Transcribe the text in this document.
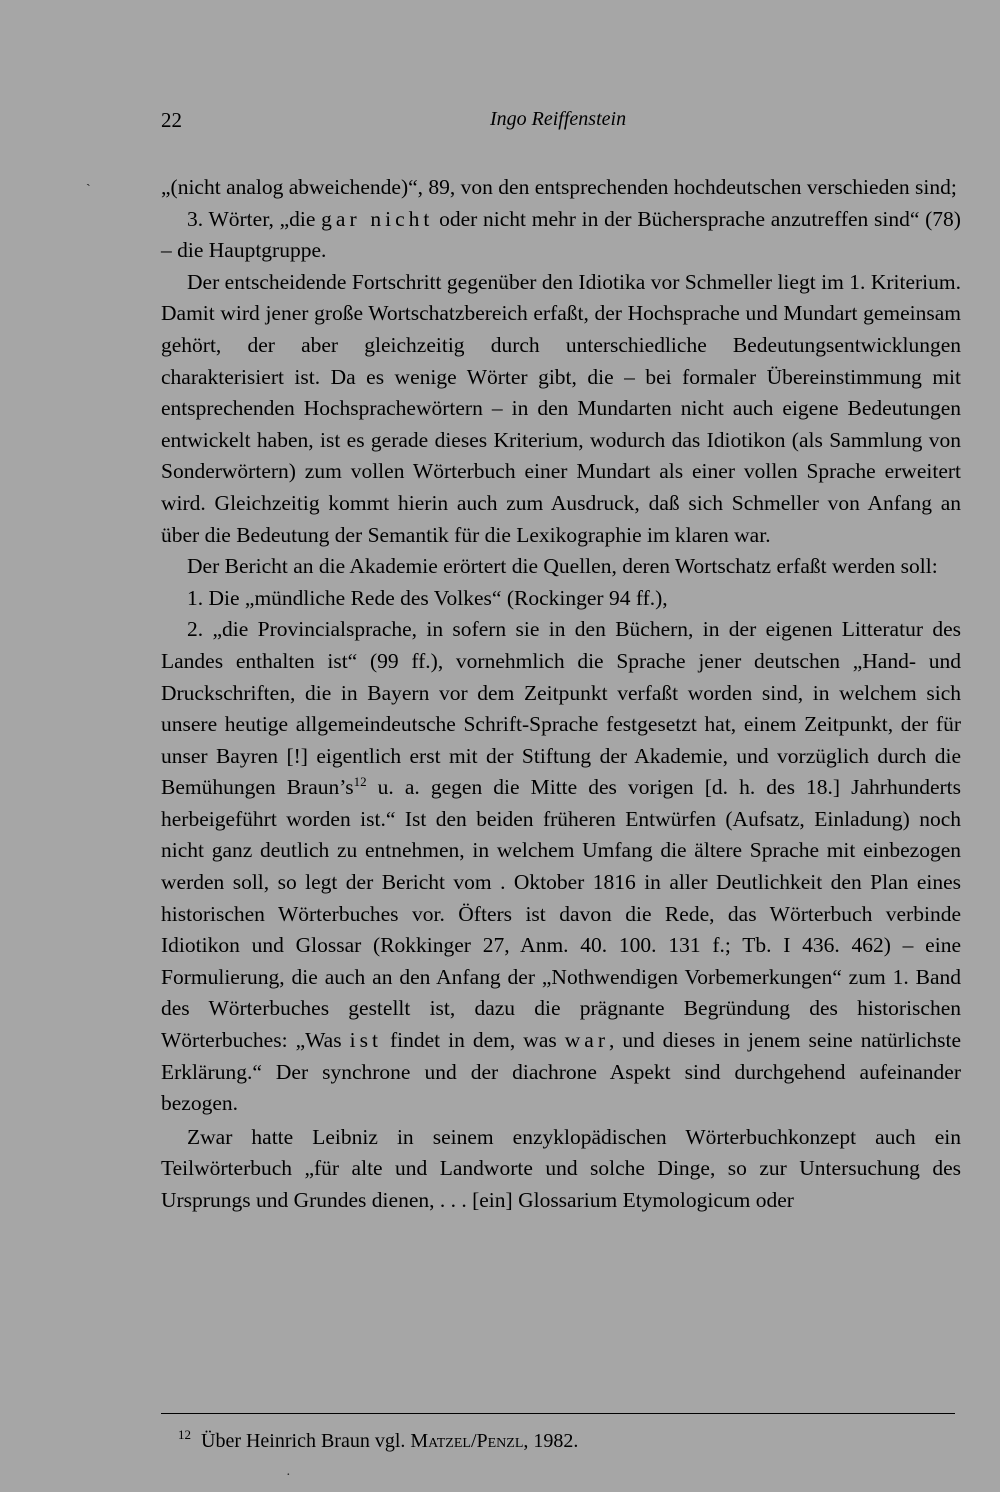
22	Ingo Reiffenstein

„(nicht analog abweichende)“, 89, von den entsprechenden hochdeutschen verschieden sind;

3. Wörter, „die gar nicht oder nicht mehr in der Büchersprache anzutreffen sind“ (78) – die Hauptgruppe.

Der entscheidende Fortschritt gegenüber den Idiotika vor Schmeller liegt im 1. Kriterium. Damit wird jener große Wortschatzbereich erfaßt, der Hochsprache und Mundart gemeinsam gehört, der aber gleichzeitig durch unterschiedliche Bedeutungsentwicklungen charakterisiert ist. Da es wenige Wörter gibt, die – bei formaler Übereinstimmung mit entsprechenden Hochsprachewörtern – in den Mundarten nicht auch eigene Bedeutungen entwickelt haben, ist es gerade dieses Kriterium, wodurch das Idiotikon (als Sammlung von Sonderwörtern) zum vollen Wörterbuch einer Mundart als einer vollen Sprache erweitert wird. Gleichzeitig kommt hierin auch zum Ausdruck, daß sich Schmeller von Anfang an über die Bedeutung der Semantik für die Lexikographie im klaren war.

Der Bericht an die Akademie erörtert die Quellen, deren Wortschatz erfaßt werden soll:

1. Die „mündliche Rede des Volkes“ (Rockinger 94 ff.),

2. „die Provincialsprache, in sofern sie in den Büchern, in der eigenen Litteratur des Landes enthalten ist“ (99 ff.), vornehmlich die Sprache jener deutschen „Hand- und Druckschriften, die in Bayern vor dem Zeitpunkt verfaßt worden sind, in welchem sich unsere heutige allgemeindeutsche Schrift-Sprache festgesetzt hat, einem Zeitpunkt, der für unser Bayren [!] eigentlich erst mit der Stiftung der Akademie, und vorzüglich durch die Bemühungen $Braun’s^{12}$ u. a. gegen die Mitte des vorigen [d. h. des 18.] Jahrhunderts herbeigeführt worden ist.“ Ist den beiden früheren Entwürfen (Aufsatz, Einladung) noch nicht ganz deutlich zu entnehmen, in welchem Umfang die ältere Sprache mit einbezogen werden soll, so legt der Bericht vom . Oktober 1816 in aller Deutlichkeit den Plan eines historischen Wörterbuches vor. Öfters ist davon die Rede, das Wörterbuch verbinde Idiotikon und Glossar (Rokkinger 27, Anm. 40. 100. 131 f.; Tb. I 436. 462) – eine Formulierung, die auch an den Anfang der „Nothwendigen Vorbemerkungen“ zum 1. Band des Wörterbuches gestellt ist, dazu die prägnante Begründung des historischen Wörterbuches: „Was ist findet in dem, was war, und dieses in jenem seine natürlichste Erklärung.“ Der synchrone und der diachrone Aspekt sind durchgehend aufeinander bezogen.

Zwar hatte Leibniz in seinem enzyklopädischen Wörterbuchkonzept auch ein Teilwörterbuch „für alte und Landworte und solche Dinge, so zur Untersuchung des Ursprungs und Grundes dienen, . . . [ein] Glossarium Etymologicum oder

$^{12}$ Über Heinrich Braun vgl. Matzel/Penzl, 1982.
ˎ
·
